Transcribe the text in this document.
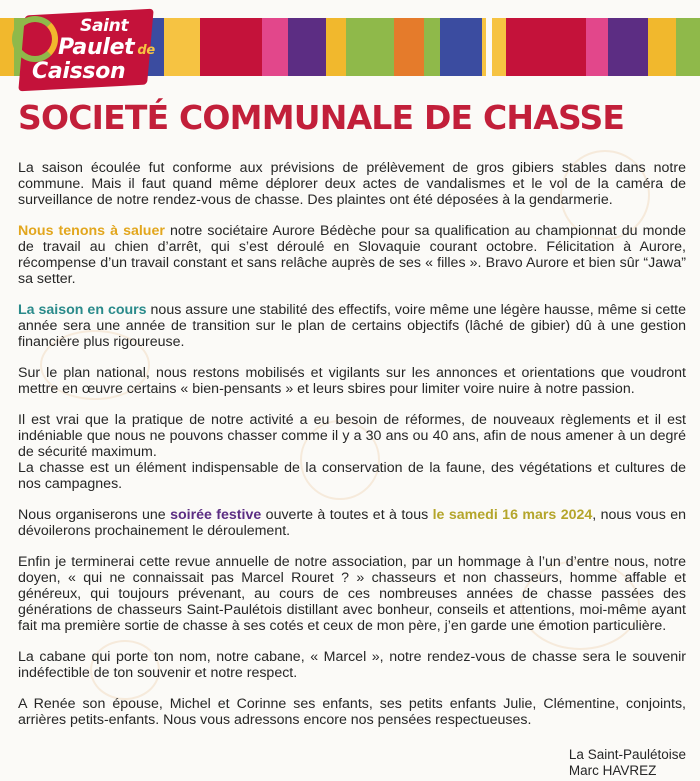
Saint
Paulet de
Caisson
SOCIETÉ COMMUNALE DE CHASSE

La saison écoulée fut conforme aux prévisions de prélèvement de gros gibiers stables dans notre commune. Mais il faut quand même déplorer deux actes de vandalismes et le vol de la caméra de surveillance de notre rendez-vous de chasse. Des plaintes ont été déposées à la gendarmerie.

Nous tenons à saluer notre sociétaire Aurore Bédèche pour sa qualification au championnat du monde de travail au chien d’arrêt, qui s’est déroulé en Slovaquie courant octobre. Félicitation à Aurore, récompense d’un travail constant et sans relâche auprès de ses « filles ». Bravo Aurore et bien sûr “Jawa” sa setter.

La saison en cours nous assure une stabilité des effectifs, voire même une légère hausse, même si cette année sera une année de transition sur le plan de certains objectifs (lâché de gibier) dû à une gestion financière plus rigoureuse.

Sur le plan national, nous restons mobilisés et vigilants sur les annonces et orientations que voudront mettre en œuvre certains « bien-pensants » et leurs sbires pour limiter voire nuire à notre passion.

Il est vrai que la pratique de notre activité a eu besoin de réformes, de nouveaux règlements et il est indéniable que nous ne pouvons chasser comme il y a 30 ans ou 40 ans, afin de nous amener à un degré de sécurité maximum.
La chasse est un élément indispensable de la conservation de la faune, des végétations et cultures de nos campagnes.

Nous organiserons une soirée festive ouverte à toutes et à tous le samedi 16 mars 2024, nous vous en dévoilerons prochainement le déroulement.

Enfin je terminerai cette revue annuelle de notre association, par un hommage à l’un d’entre nous, notre doyen, « qui ne connaissait pas Marcel Rouret ? » chasseurs et non chasseurs, homme affable et généreux, qui toujours prévenant, au cours de ces nombreuses années de chasse passées des générations de chasseurs Saint-Paulétois distillant avec bonheur, conseils et attentions, moi-même ayant fait ma première sortie de chasse à ses cotés et ceux de mon père, j’en garde une émotion particulière.

La cabane qui porte ton nom, notre cabane, « Marcel », notre rendez-vous de chasse sera le souvenir indéfectible de ton souvenir et notre respect.

A Renée son épouse, Michel et Corinne ses enfants, ses petits enfants Julie, Clémentine, conjoints, arrières petits-enfants. Nous vous adressons encore nos pensées respectueuses.

La Saint-Paulétoise
Marc HAVREZ
